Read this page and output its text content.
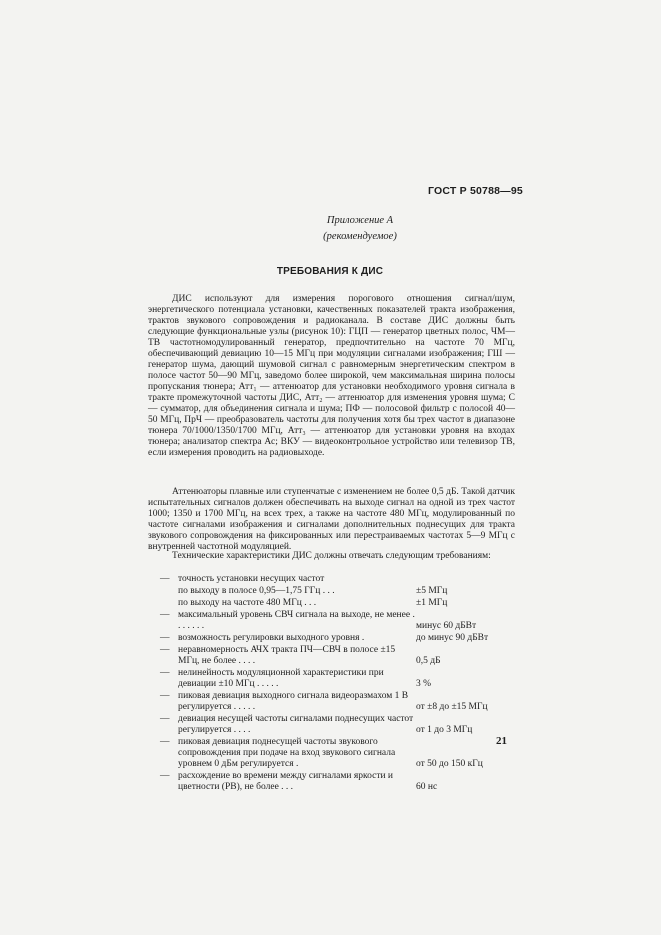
ГОСТ Р 50788—95
Приложение А
(рекомендуемое)
ТРЕБОВАНИЯ К ДИС

ДИС используют для измерения порогового отношения сигнал/шум, энергетического потенциала установки, качественных показателей тракта изображения, трактов звукового сопровождения и радиоканала. В составе ДИС должны быть следующие функциональные узлы (рисунок 10): ГЦП — генератор цветных полос, ЧМ—ТВ частотномодулированный генератор, предпочтительно на частоте 70 МГц, обеспечивающий девиацию 10—15 МГц при модуляции сигналами изображения; ГШ — генератор шума, дающий шумовой сигнал с равномерным энергетическим спектром в полосе частот 50—90 МГц, заведомо более широкой, чем максимальная ширина полосы пропускания тюнера; Атт₁ — аттенюатор для установки необходимого уровня сигнала в тракте промежуточной частоты ДИС, Атт₂ — аттенюатор для изменения уровня шума; С — сумматор, для объединения сигнала и шума; ПФ — полосовой фильтр с полосой 40—50 МГц, ПрЧ — преобразователь частоты для получения хотя бы трех частот в диапазоне тюнера 70/1000/1350/1700 МГц, Атт₃ — аттенюатор для установки уровня на входах тюнера; анализатор спектра Ас; ВКУ — видеоконтрольное устройство или телевизор ТВ, если измерения проводить на радиовыходе.

Аттенюаторы плавные или ступенчатые с изменением не более 0,5 дБ. Такой датчик испытательных сигналов должен обеспечивать на выходе сигнал на одной из трех частот 1000; 1350 и 1700 МГц, на всех трех, а также на частоте 480 МГц, модулированный по частоте сигналами изображения и сигналами дополнительных поднесущих для тракта звукового сопровождения на фиксированных или перестраиваемых частотах 5—9 МГц с внутренней частотной модуляцией.

Технические характеристики ДИС должны отвечать следующим требованиям:

— точность установки несущих частот
по выходу в полосе 0,95—1,75 ГГц . . .	±5 МГц
по выходу на частоте 480 МГц . . .	±1 МГц
— максимальный уровень СВЧ сигнала на выходе, не менее . . . . . . .	минус 60 дБВт
— возможность регулировки выходного уровня .	до минус 90 дБВт
— неравномерность АЧХ тракта ПЧ—СВЧ в полосе ±15 МГц, не более . . . .	0,5 дБ
— нелинейность модуляционной характеристики при девиации ±10 МГц . . . . .	3 %
— пиковая девиация выходного сигнала видеоразмахом 1 В регулируется . . . . .	от ±8 до ±15 МГц
— девиация несущей частоты сигналами поднесущих частот регулируется . . . .	от 1 до 3 МГц
— пиковая девиация поднесущей частоты звукового сопровождения при подаче на вход звукового сигнала уровнем 0 дБм регулируется .	от 50 до 150 кГц
— расхождение во времени между сигналами яркости и цветности (РВ), не более . . .	60 нс
21
